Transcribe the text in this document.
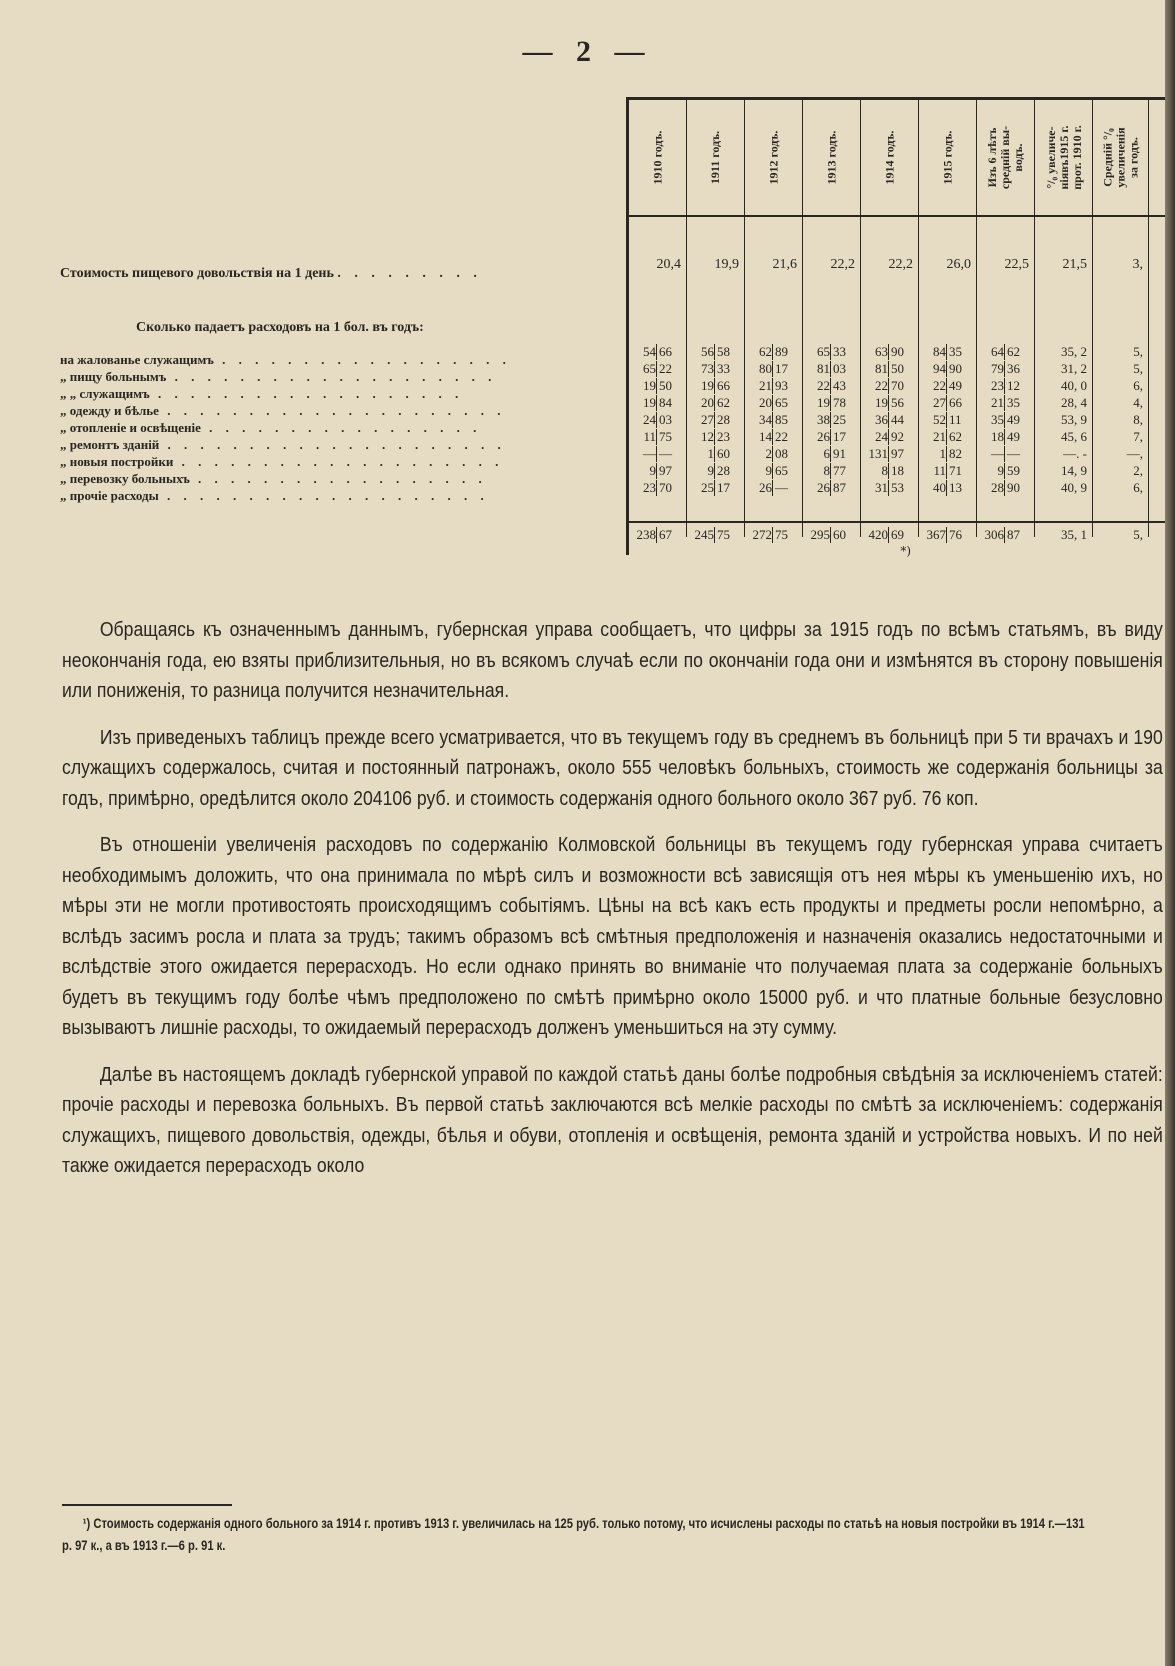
— 2 —
Стоимость пищевого довольствія на 1 день . . . . . . . . .
Сколько падаетъ расходовъ на 1 бол. въ годъ:
на жалованье служащимъ . . . . . . . . . . . . . . . . . .
„ пищу больнымъ . . . . . . . . . . . . . . . . . . . .
„ „ служащимъ . . . . . . . . . . . . . . . . . . .
„ одежду и бѣлье . . . . . . . . . . . . . . . . . . . . .
„ отопленіе и освѣщеніе . . . . . . . . . . . . . . . . .
„ ремонтъ зданій . . . . . . . . . . . . . . . . . . . . .
„ новыя постройки . . . . . . . . . . . . . . . . . . . .
„ перевозку больныхъ . . . . . . . . . . . . . . . . . .
„ прочіе расходы . . . . . . . . . . . . . . . . . . . .
1910 годъ.
20,4
54 66
65 22
19 50
19 84
24 03
11 75
— —
9 97
23 70
238 67
1911 годъ.
19,9
56 58
73 33
19 66
20 62
27 28
12 23
1 60
9 28
25 17
245 75
1912 годъ.
21,6
62 89
80 17
21 93
20 65
34 85
14 22
2 08
9 65
26 —
272 75
1913 годъ.
22,2
65 33
81 03
22 43
19 78
38 25
26 17
6 91
8 77
26 87
295 60
1914 годъ.
22,2
63 90
81 50
22 70
19 56
36 44
24 92
131 97
8 18
31 53
420 69
*)
1915 годъ.
26,0
84 35
94 90
22 49
27 66
52 11
21 62
1 82
11 71
40 13
367 76
Изъ 6 лѣтъ
средній вы-
водъ.
22,5
64 62
79 36
23 12
21 35
35 49
18 49
— —
9 59
28 90
306 87
°/₀ увеличе-
ніявъ1915 г.
прот. 1910 г.
21,5
35, 2
31, 2
40, 0
28, 4
53, 9
45, 6
—. -
14, 9
40, 9
35, 1
Средній °/₀
увеличенія
за годъ.
3,
5,
5,
6,
4,
8,
7,
—,
2,
6,
5,

Обращаясь къ означеннымъ даннымъ, губернская управа сообщаетъ, что цифры за 1915 годъ по всѣмъ статьямъ, въ виду неокончанія года, ею взяты приблизительныя, но въ всякомъ случаѣ если по окончаніи года они и измѣнятся въ сторону повышенія или пониженія, то разница получится незначительная.

Изъ приведеныхъ таблицъ прежде всего усматривается, что въ текущемъ году въ среднемъ въ больницѣ при 5 ти врачахъ и 190 служащихъ содержалось, считая и постоянный патронажъ, около 555 человѣкъ больныхъ, стоимость же содержанія больницы за годъ, примѣрно, оредѣлится около 204106 руб. и стоимость содержанія одного больного около 367 руб. 76 коп.

Въ отношеніи увеличенія расходовъ по содержанію Колмовской больницы въ текущемъ году губернская управа считаетъ необходимымъ доложить, что она принимала по мѣрѣ силъ и возможности всѣ зависящія отъ нея мѣры къ уменьшенію ихъ, но мѣры эти не могли противостоять происходящимъ событіямъ. Цѣны на всѣ какъ есть продукты и предметы росли непомѣрно, а вслѣдъ засимъ росла и плата за трудъ; такимъ образомъ всѣ смѣтныя предположенія и назначенія оказались недостаточными и вслѣдствіе этого ожидается перерасходъ. Но если однако принять во вниманіе что получаемая плата за содержаніе больныхъ будетъ въ текущимъ году болѣе чѣмъ предположено по смѣтѣ примѣрно около 15000 руб. и что платные больные безусловно вызываютъ лишніе расходы, то ожидаемый перерасходъ долженъ уменьшиться на эту сумму.

Далѣе въ настоящемъ докладѣ губернской управой по каждой статьѣ даны болѣе подробныя свѣдѣнія за исключеніемъ статей: прочіе расходы и перевозка больныхъ. Въ первой статьѣ заключаются всѣ мелкіе расходы по смѣтѣ за исключеніемъ: содержанія служащихъ, пищевого довольствія, одежды, бѣлья и обуви, отопленія и освѣщенія, ремонта зданій и устройства новыхъ. И по ней также ожидается перерасходъ около

¹) Стоимость содержанія одного больного за 1914 г. противъ 1913 г. увеличилась на 125 руб. только потому, что исчислены расходы по статьѣ на новыя постройки въ 1914 г.—131 р. 97 к., а въ 1913 г.—6 р. 91 к.
